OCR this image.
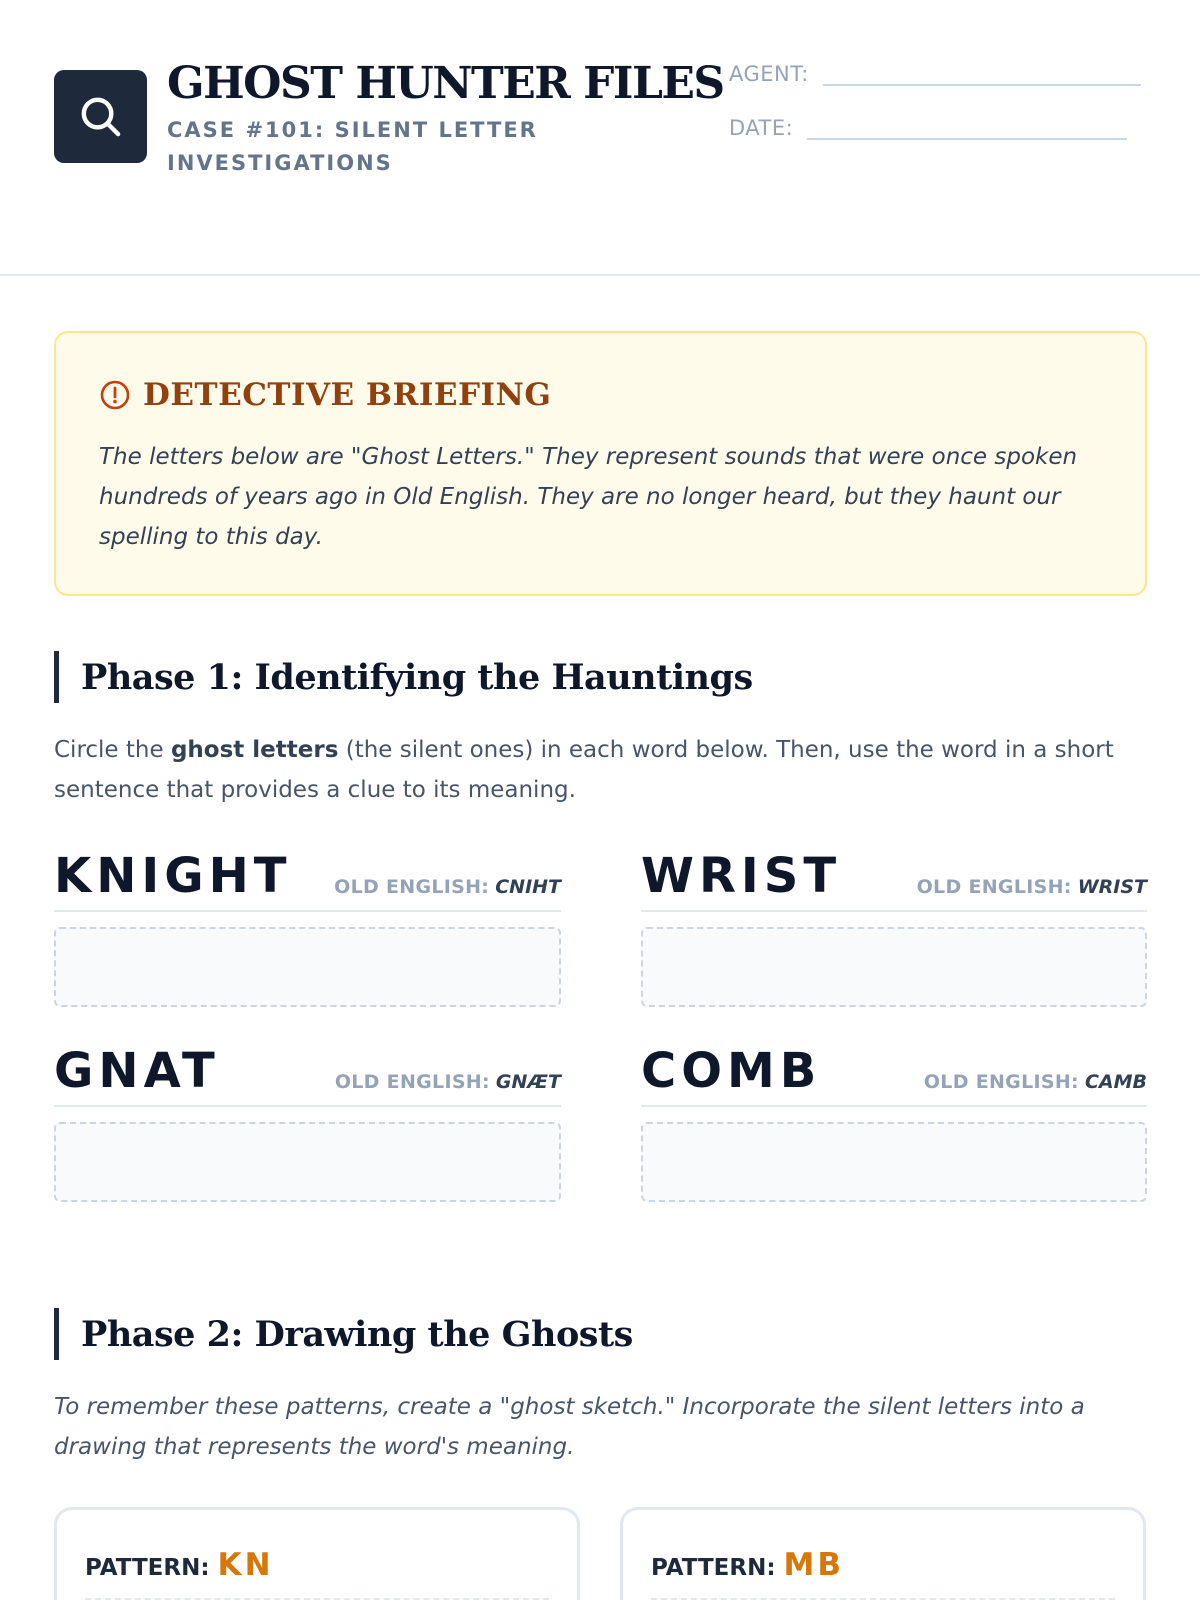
GHOST HUNTER FILES
CASE #101: SILENT LETTER INVESTIGATIONS
AGENT:
DATE:
DETECTIVE BRIEFING

The letters below are "Ghost Letters." They represent sounds that were once spoken hundreds of years ago in Old English. They are no longer heard, but they haunt our spelling to this day.

Phase 1: Identifying the Hauntings

Circle the ghost letters (the silent ones) in each word below. Then, use the word in a short sentence that provides a clue to its meaning.

KNIGHT OLD ENGLISH: CNIHT WRIST	OLD ENGLISH: WRIST
GNAT	OLD ENGLISH: GNÆT COMB	OLD ENGLISH: CAMB
Phase 2: Drawing the Ghosts

To remember these patterns, create a "ghost sketch." Incorporate the silent letters into a drawing that represents the word's meaning.

PATTERN: KN	PATTERN: MB
